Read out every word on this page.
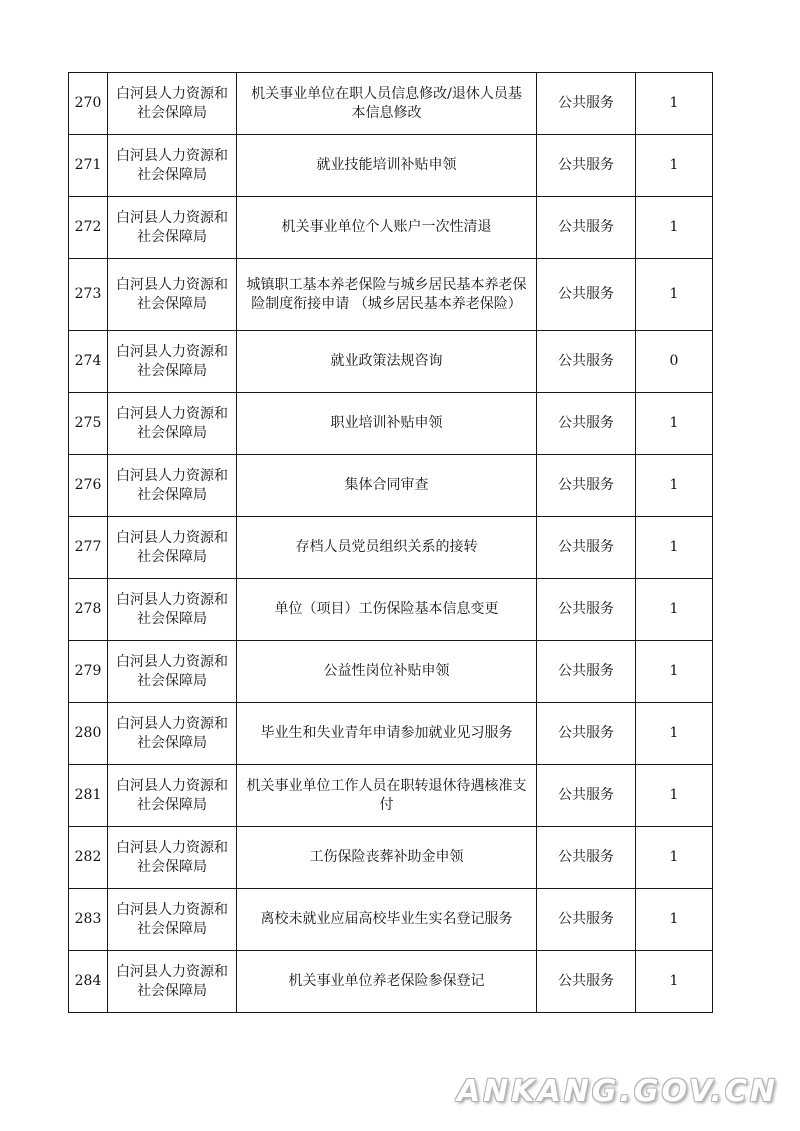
270	白河县人力资源和社会保障局	机关事业单位在职人员信息修改/退休人员基本信息修改	公共服务	1
271	白河县人力资源和社会保障局	就业技能培训补贴申领	公共服务	1
272	白河县人力资源和社会保障局	机关事业单位个人账户一次性清退	公共服务	1
273	白河县人力资源和社会保障局	城镇职工基本养老保险与城乡居民基本养老保险制度衔接申请 （城乡居民基本养老保险）	公共服务	1
274	白河县人力资源和社会保障局	就业政策法规咨询	公共服务	0
275	白河县人力资源和社会保障局	职业培训补贴申领	公共服务	1
276	白河县人力资源和社会保障局	集体合同审查	公共服务	1
277	白河县人力资源和社会保障局	存档人员党员组织关系的接转	公共服务	1
278	白河县人力资源和社会保障局	单位（项目）工伤保险基本信息变更	公共服务	1
279	白河县人力资源和社会保障局	公益性岗位补贴申领	公共服务	1
280	白河县人力资源和社会保障局	毕业生和失业青年申请参加就业见习服务	公共服务	1
281	白河县人力资源和社会保障局	机关事业单位工作人员在职转退休待遇核准支付	公共服务	1
282	白河县人力资源和社会保障局	工伤保险丧葬补助金申领	公共服务	1
283	白河县人力资源和社会保障局	离校未就业应届高校毕业生实名登记服务	公共服务	1
284	白河县人力资源和社会保障局	机关事业单位养老保险参保登记	公共服务	1
ANKANG.GOV.CN
